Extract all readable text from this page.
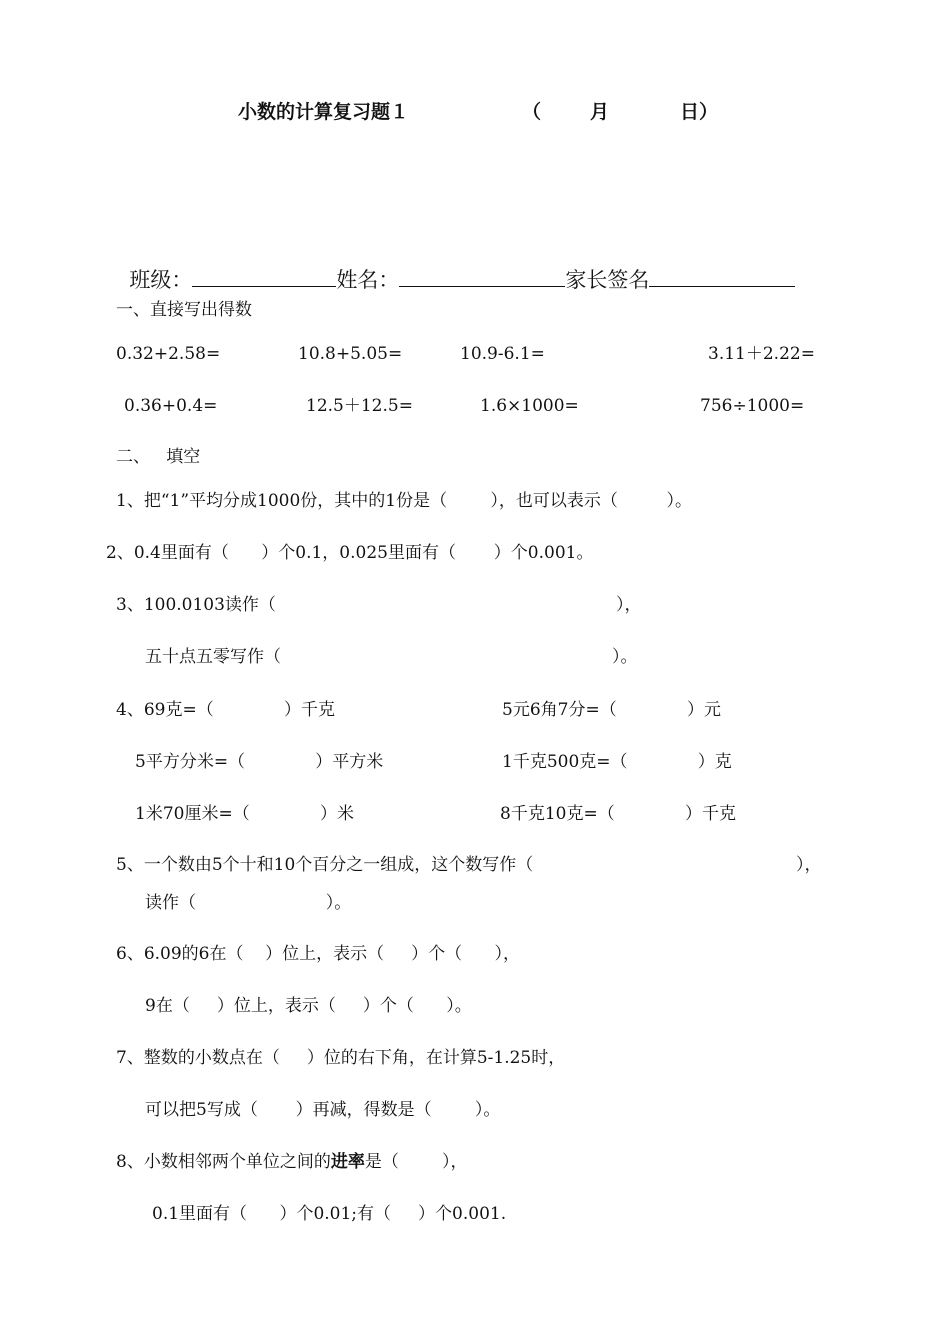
小数的计算复习题１	（	月	日）

班级：	姓名：	家长签名

一、直接写出得数
0.32+2.58=	10.8+5.05=	10.9-6.1=	3.11＋2.22=
0.36+0.4=	12.5＋12.5=	1.6×1000=	756÷1000=
二、   填空
1、把“1”平均分成1000份，其中的1份是（        ），也可以表示（         ）。
2、0.4里面有（      ）个0.1，0.025里面有（       ）个0.001。
3、100.0103读作（	），
五十点五零写作（	）。
4、69克=（             ）千克	5元6角7分=（             ）元
5平方分米=（             ）平方米	1千克500克=（             ）克
1米70厘米=（             ）米	8千克10克=（             ）千克
5、一个数由5个十和10个百分之一组成，这个数写作（	），
读作（                        ）。
6、6.09的6在（    ）位上，表示（     ）个（      ），
9在（     ）位上，表示（     ）个（      ）。
7、整数的小数点在（     ）位的右下角，在计算5-1.25时，
可以把5写成（       ）再减，得数是（        ）。
8、小数相邻两个单位之间的进率是（        ），
0.1里面有（      ）个0.01;有（     ）个0.001.
